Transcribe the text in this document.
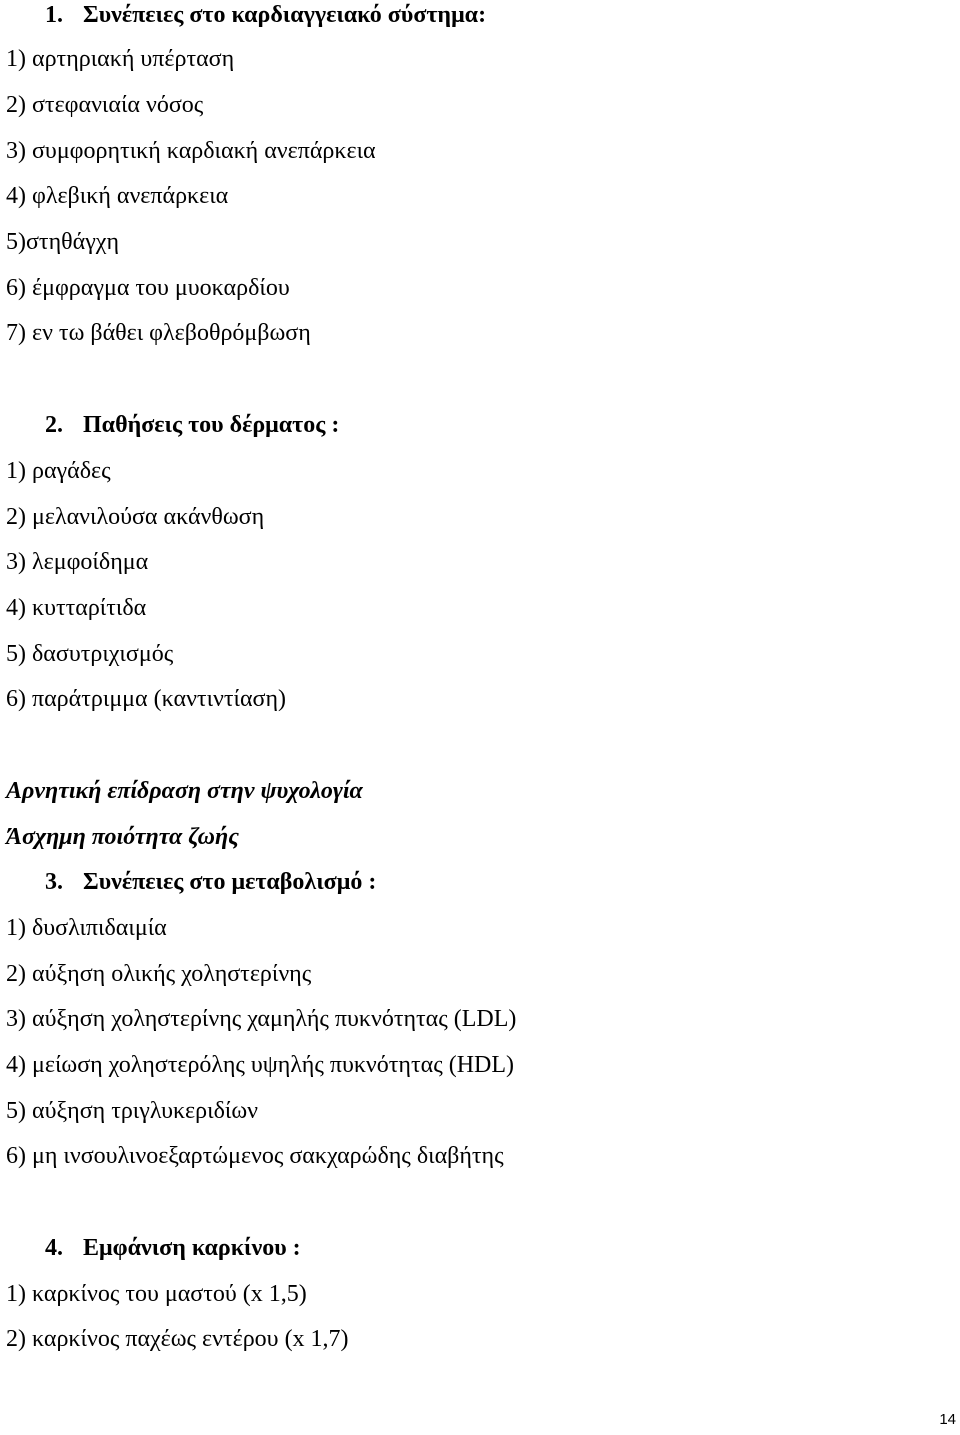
1. Συνέπειες στο καρδιαγγειακό σύστημα:
1) αρτηριακή υπέρταση
2) στεφανιαία νόσος
3) συμφορητική καρδιακή ανεπάρκεια
4) φλεβική ανεπάρκεια
5)στηθάγχη
6) έμφραγμα του μυοκαρδίου
7) εν τω βάθει φλεβοθρόμβωση
2. Παθήσεις του δέρματος :
1) ραγάδες
2) μελανιλούσα ακάνθωση
3) λεμφοίδημα
4) κυτταρίτιδα
5) δασυτριχισμός
6) παράτριμμα (καντιντίαση)
Αρνητική επίδραση στην ψυχολογία
Άσχημη ποιότητα ζωής
3. Συνέπειες στο μεταβολισμό :
1) δυσλιπιδαιμία
2) αύξηση ολικής χοληστερίνης
3) αύξηση χοληστερίνης χαμηλής πυκνότητας (LDL)
4) μείωση χοληστερόλης υψηλής πυκνότητας (HDL)
5) αύξηση τριγλυκεριδίων
6) μη ινσουλινοεξαρτώμενος σακχαρώδης διαβήτης
4. Εμφάνιση καρκίνου :
1) καρκίνος του μαστού (x 1,5)
2) καρκίνος παχέως εντέρου (x 1,7)
14
